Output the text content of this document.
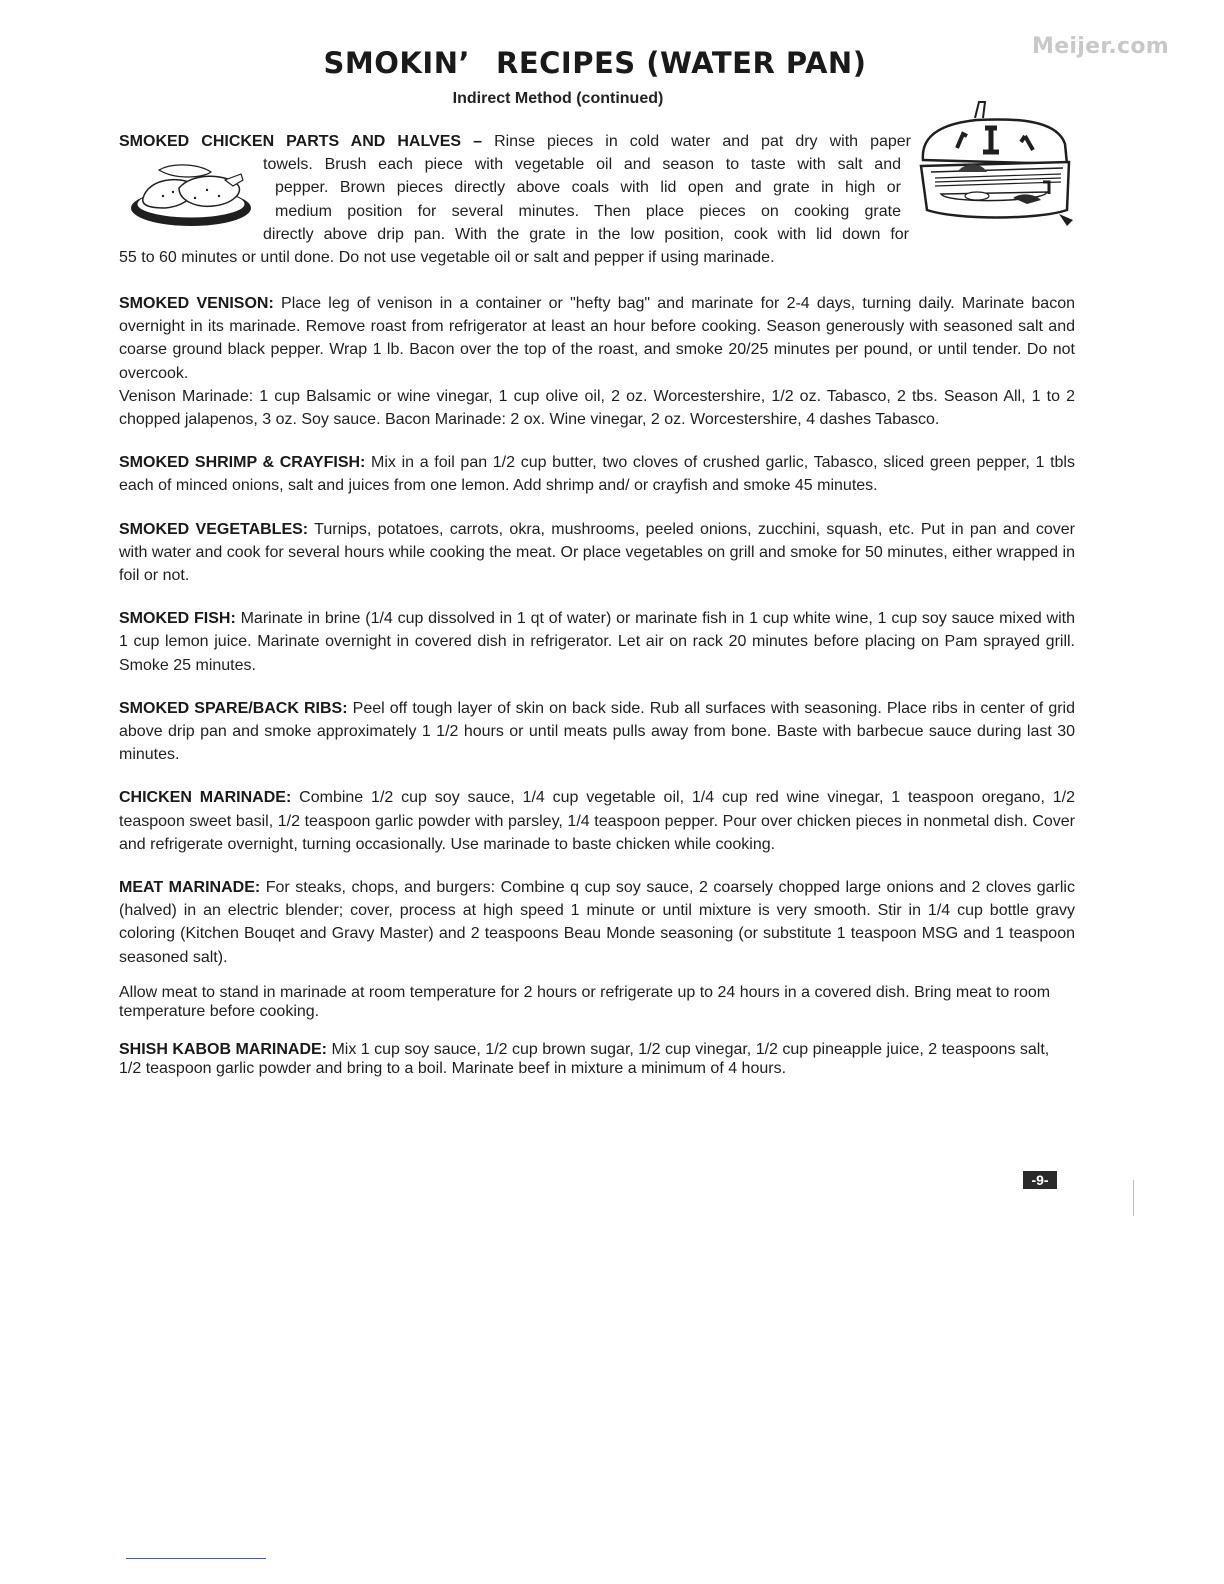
Meijer.com
SMOKIN’ RECIPES (WATER PAN)
Indirect Method (continued)

SMOKED CHICKEN PARTS AND HALVES – Rinse pieces in cold water and pat dry with paper
towels. Brush each piece with vegetable oil and season to taste with salt and
pepper. Brown pieces directly above coals with lid open and grate in high or
medium position for several minutes. Then place pieces on cooking grate
directly above drip pan. With the grate in the low position, cook with lid down for
55 to 60 minutes or until done. Do not use vegetable oil or salt and pepper if using marinade.

SMOKED VENISON: Place leg of venison in a container or "hefty bag" and marinate for 2-4 days, turning daily. Marinate bacon overnight in its marinade. Remove roast from refrigerator at least an hour before cooking. Season generously with seasoned salt and coarse ground black pepper. Wrap 1 lb. Bacon over the top of the roast, and smoke 20/25 minutes per pound, or until tender. Do not overcook.

Venison Marinade: 1 cup Balsamic or wine vinegar, 1 cup olive oil, 2 oz. Worcestershire, 1/2 oz. Tabasco, 2 tbs. Season All, 1 to 2 chopped jalapenos, 3 oz. Soy sauce. Bacon Marinade: 2 ox. Wine vinegar, 2 oz. Worcestershire, 4 dashes Tabasco.

SMOKED SHRIMP & CRAYFISH: Mix in a foil pan 1/2 cup butter, two cloves of crushed garlic, Tabasco, sliced green pepper, 1 tbls each of minced onions, salt and juices from one lemon. Add shrimp and/ or crayfish and smoke 45 minutes.

SMOKED VEGETABLES: Turnips, potatoes, carrots, okra, mushrooms, peeled onions, zucchini, squash, etc. Put in pan and cover with water and cook for several hours while cooking the meat. Or place vegetables on grill and smoke for 50 minutes, either wrapped in foil or not.

SMOKED FISH: Marinate in brine (1/4 cup dissolved in 1 qt of water) or marinate fish in 1 cup white wine, 1 cup soy sauce mixed with 1 cup lemon juice. Marinate overnight in covered dish in refrigerator. Let air on rack 20 minutes before placing on Pam sprayed grill. Smoke 25 minutes.

SMOKED SPARE/BACK RIBS: Peel off tough layer of skin on back side. Rub all surfaces with seasoning. Place ribs in center of grid above drip pan and smoke approximately 1 1/2 hours or until meats pulls away from bone. Baste with barbecue sauce during last 30 minutes.

CHICKEN MARINADE: Combine 1/2 cup soy sauce, 1/4 cup vegetable oil, 1/4 cup red wine vinegar, 1 teaspoon oregano, 1/2 teaspoon sweet basil, 1/2 teaspoon garlic powder with parsley, 1/4 teaspoon pepper. Pour over chicken pieces in nonmetal dish. Cover and refrigerate overnight, turning occasionally. Use marinade to baste chicken while cooking.

MEAT MARINADE: For steaks, chops, and burgers: Combine q cup soy sauce, 2 coarsely chopped large onions and 2 cloves garlic (halved) in an electric blender; cover, process at high speed 1 minute or until mixture is very smooth. Stir in 1/4 cup bottle gravy coloring (Kitchen Bouqet and Gravy Master) and 2 teaspoons Beau Monde seasoning (or substitute 1 teaspoon MSG and 1 teaspoon seasoned salt).

Allow meat to stand in marinade at room temperature for 2 hours or refrigerate up to 24 hours in a covered dish. Bring meat to room temperature before cooking.

SHISH KABOB MARINADE: Mix 1 cup soy sauce, 1/2 cup brown sugar, 1/2 cup vinegar, 1/2 cup pineapple juice, 2 teaspoons salt, 1/2 teaspoon garlic powder and bring to a boil. Marinate beef in mixture a minimum of 4 hours.

-9-
